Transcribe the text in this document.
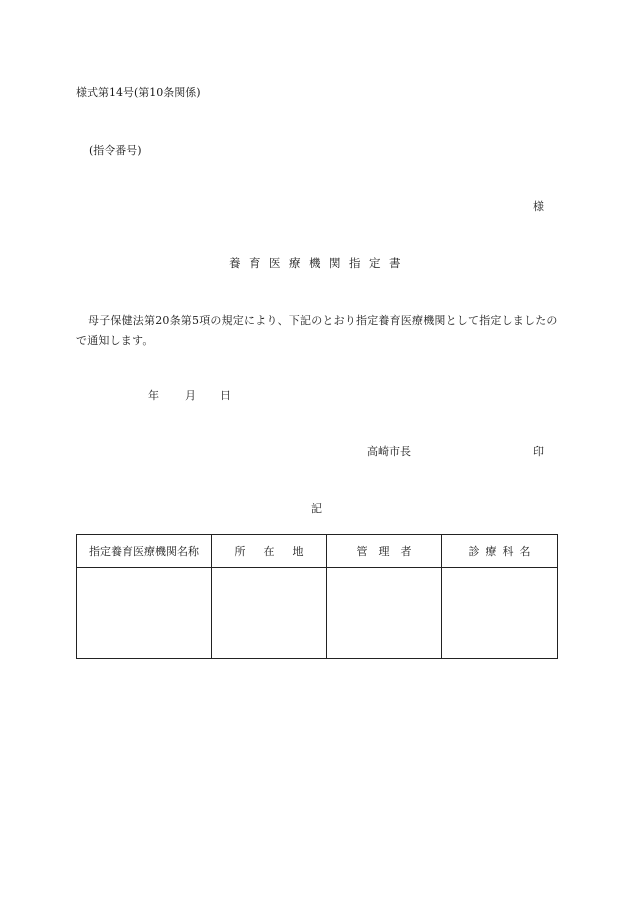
様式第14号(第10条関係)
(指令番号)
様
養育医療機関指定書
母子保健法第20条第5項の規定により、下記のとおり指定養育医療機関として指定しましたので通知します。
年 月 日
高崎市長	印
記
指定養育医療機関名称	所在地	管理者	診療科名
